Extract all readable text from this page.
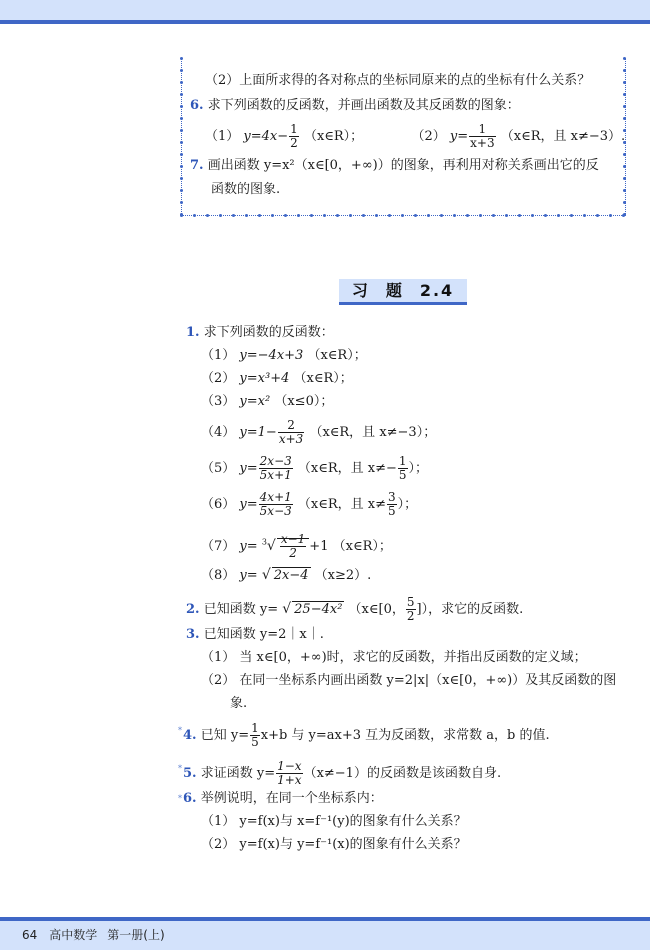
（2）上面所求得的各对称点的坐标同原来的点的坐标有什么关系？
6. 求下列函数的反函数，并画出函数及其反函数的图象：
（1） $y=4x- \frac{1}{2}$ （x∈R）；	（2） $y= \frac{1}{x+3}$ （x∈R，且 x≠−3）.
7. 画出函数 y=x²（x∈[0，+∞)）的图象，再利用对称关系画出它的反
函数的图象.
习 题 2.4
1. 求下列函数的反函数：
（1） y=−4x+3 （x∈R）；
（2） y=x³+4 （x∈R）；
（3） y=x² （x≤0）；
（4） $y=1- \frac{2}{x+3}$ （x∈R，且 x≠−3）；
（5） $y= \frac{2x-3}{5x+1}$ （x∈R，且 $x\ne- \frac{1}{5}$ ）；
（6） $y= \frac{4x+1}{5x-3}$ （x∈R，且 $x\ne \frac{3}{5}$ ）；
（7） $y= ^3√ \frac{x-1}{2} +1$ （x∈R）；
（8） y= √ 2x−4 （x≥2）.
2. 已知函数 y= √ 25−4x² （x∈[0， $\frac{5}{2}$ ]），求它的反函数.
3. 已知函数 y=2｜x｜.
（1） 当 x∈[0，+∞)时，求它的反函数，并指出反函数的定义域；
（2） 在同一坐标系内画出函数 y=2|x|（x∈[0，+∞)）及其反函数的图
象.
*4. 已知 $y= \frac{1}{5} x+b$ 与 y=ax+3 互为反函数，求常数 a，b 的值.
*5. 求证函数 $y= \frac{1-x}{1+x} (x\ne-1)$的反函数是该函数自身.
*6. 举例说明，在同一个坐标系内：
（1） y=f(x)与 x=f⁻¹(y)的图象有什么关系？
（2） y=f(x)与 y=f⁻¹(x)的图象有什么关系？
64 高中数学 第一册(上)
